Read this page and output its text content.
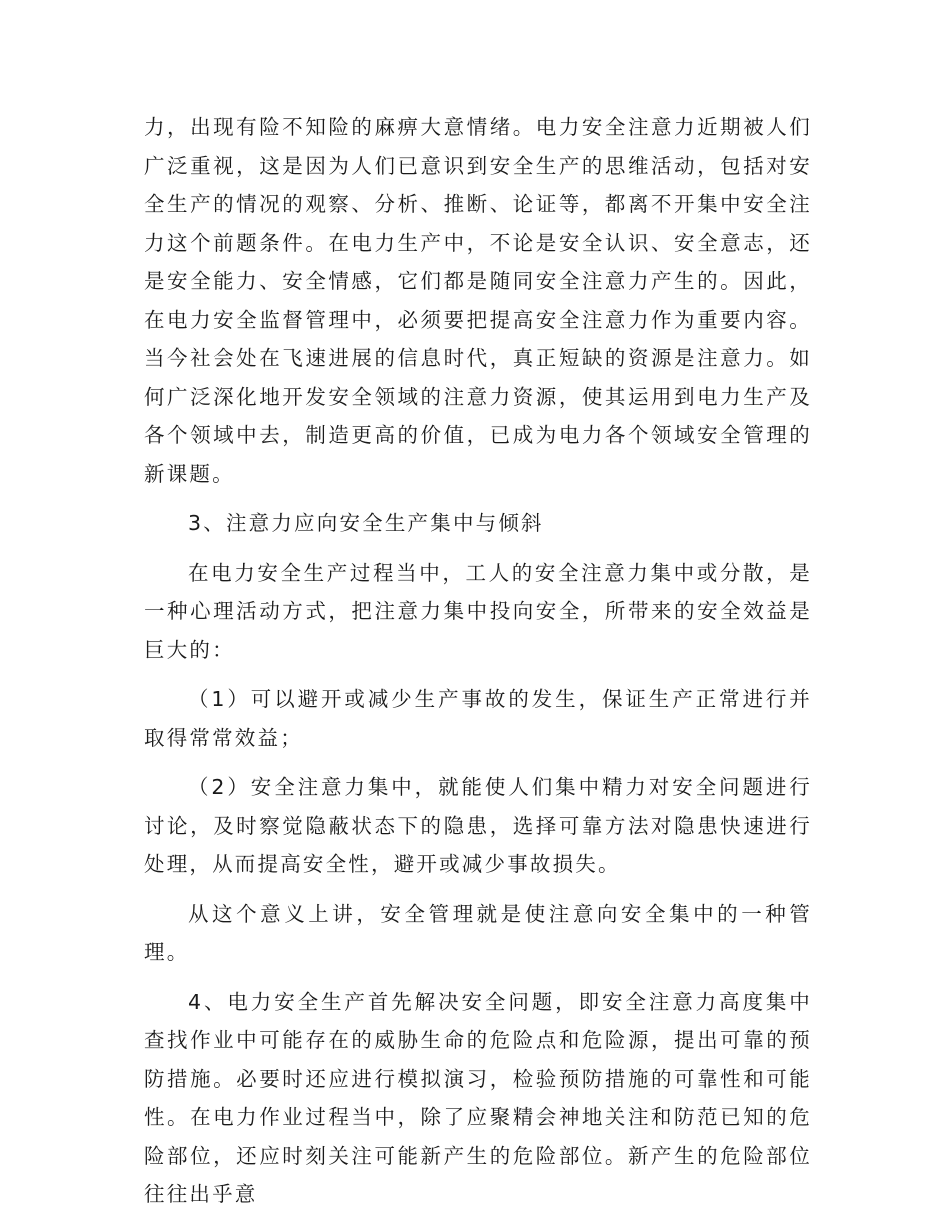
力，出现有险不知险的麻痹大意情绪。电力安全注意力近期被人们广泛重视，这是因为人们已意识到安全生产的思维活动，包括对安全生产的情况的观察、分析、推断、论证等，都离不开集中安全注力这个前题条件。在电力生产中，不论是安全认识、安全意志，还是安全能力、安全情感，它们都是随同安全注意力产生的。因此，在电力安全监督管理中，必须要把提高安全注意力作为重要内容。当今社会处在飞速进展的信息时代，真正短缺的资源是注意力。如何广泛深化地开发安全领域的注意力资源，使其运用到电力生产及各个领域中去，制造更高的价值，已成为电力各个领域安全管理的新课题。

3、注意力应向安全生产集中与倾斜

在电力安全生产过程当中，工人的安全注意力集中或分散，是一种心理活动方式，把注意力集中投向安全，所带来的安全效益是巨大的：

（1）可以避开或减少生产事故的发生，保证生产正常进行并取得常常效益；

（2）安全注意力集中，就能使人们集中精力对安全问题进行讨论，及时察觉隐蔽状态下的隐患，选择可靠方法对隐患快速进行处理，从而提高安全性，避开或减少事故损失。

从这个意义上讲，安全管理就是使注意向安全集中的一种管理。

4、电力安全生产首先解决安全问题，即安全注意力高度集中查找作业中可能存在的威胁生命的危险点和危险源，提出可靠的预防措施。必要时还应进行模拟演习，检验预防措施的可靠性和可能性。在电力作业过程当中，除了应聚精会神地关注和防范已知的危险部位，还应时刻关注可能新产生的危险部位。新产生的危险部位往往出乎意
